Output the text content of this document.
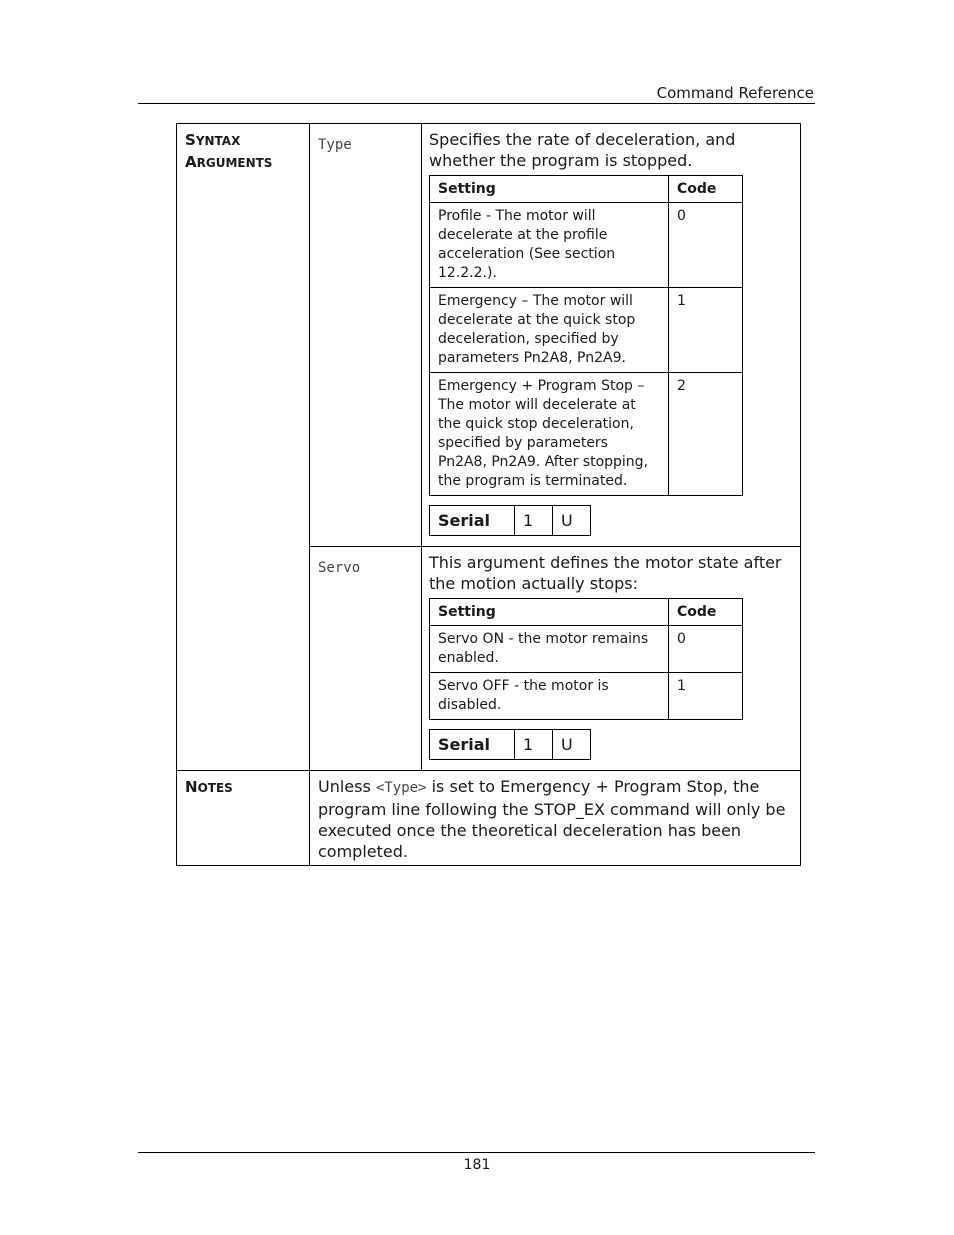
Command Reference
SYNTAX
ARGUMENTS
	Type	Specifies the rate of deceleration, and whether the program is stopped.
Setting	Code
Profile - The motor will decelerate at the profile acceleration (See section 12.2.2.).	0
Emergency – The motor will decelerate at the quick stop deceleration, specified by parameters Pn2A8, Pn2A9.	1
Emergency + Program Stop – The motor will decelerate at the quick stop deceleration, specified by parameters Pn2A8, Pn2A9. After stopping, the program is terminated.	2
Serial	1	U

Servo	This argument defines the motor state after the motion actually stops:
Setting	Code
Servo ON - the motor remains enabled.	0
Servo OFF - the motor is disabled.	1
Serial	1	U

NOTES	Unless <Type> is set to Emergency + Program Stop, the program line following the STOP_EX command will only be executed once the theoretical deceleration has been completed.
181
